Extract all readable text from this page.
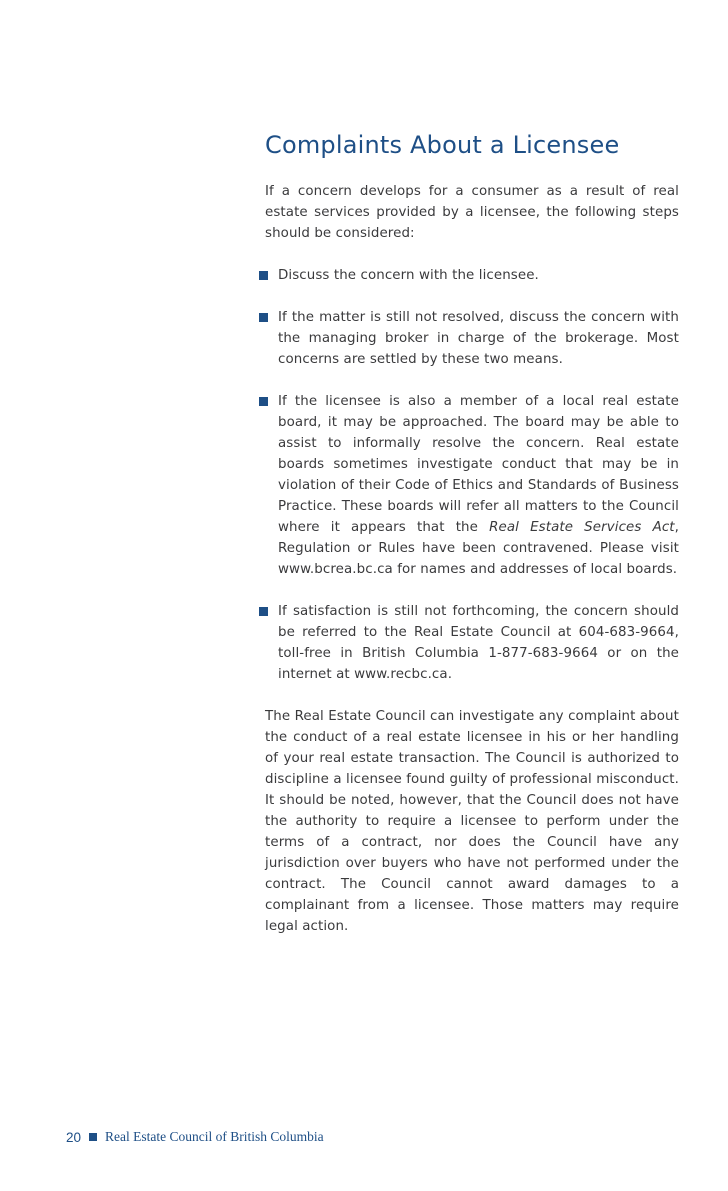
Complaints About a Licensee

If a concern develops for a consumer as a result of real estate services provided by a licensee, the following steps should be considered:

Discuss the concern with the licensee.
If the matter is still not resolved, discuss the concern with the managing broker in charge of the brokerage. Most concerns are settled by these two means.
If the licensee is also a member of a local real estate board, it may be approached. The board may be able to assist to informally resolve the concern. Real estate boards sometimes investigate conduct that may be in violation of their Code of Ethics and Standards of Business Practice. These boards will refer all matters to the Council where it appears that the Real Estate Services Act, Regulation or Rules have been contravened. Please visit www.bcrea.bc.ca for names and addresses of local boards.
If satisfaction is still not forthcoming, the concern should be referred to the Real Estate Council at 604-683-9664, toll-free in British Columbia 1-877-683-9664 or on the internet at www.recbc.ca.

The Real Estate Council can investigate any complaint about the conduct of a real estate licensee in his or her handling of your real estate transaction. The Council is authorized to discipline a licensee found guilty of professional misconduct. It should be noted, however, that the Council does not have the authority to require a licensee to perform under the terms of a contract, nor does the Council have any jurisdiction over buyers who have not performed under the contract. The Council cannot award damages to a complainant from a licensee. Those matters may require legal action.

20 Real Estate Council of British Columbia
